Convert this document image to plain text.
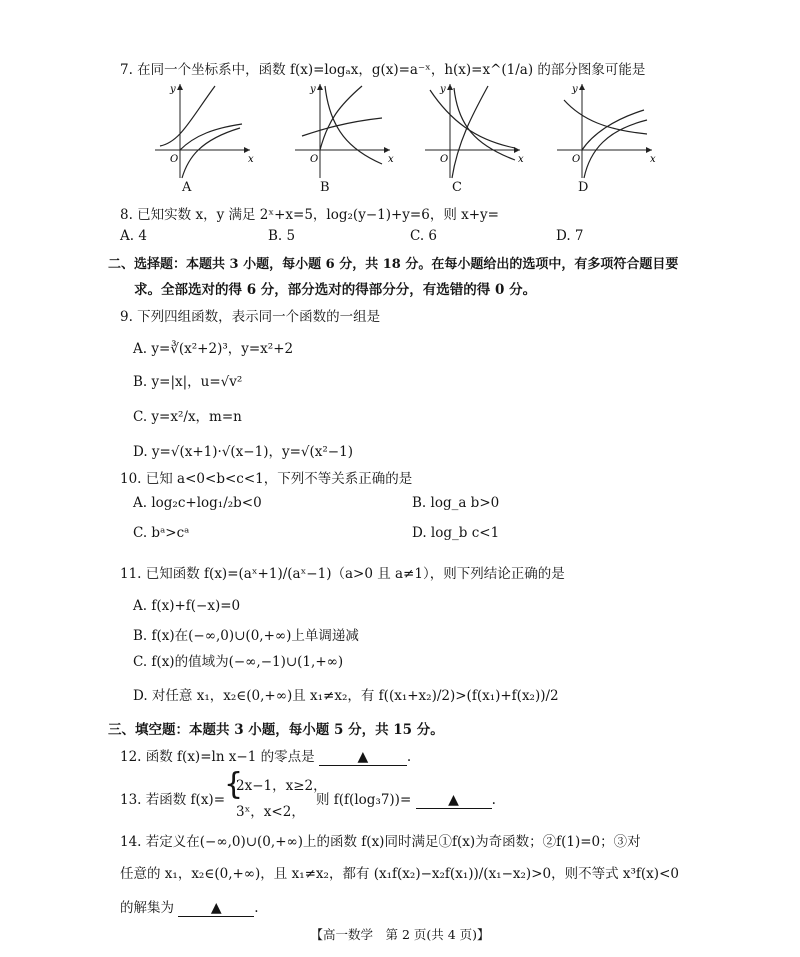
7. 在同一个坐标系中，函数 f(x)=logₐx，g(x)=a⁻ˣ，h(x)=x^(1/a) 的部分图象可能是
y
x
O
A
y
x
O
B
y
x
O
C
y
x
O
D
8. 已知实数 x，y 满足 2ˣ+x=5，log₂(y−1)+y=6，则 x+y=
A. 4	B. 5	C. 6	D. 7
二、选择题：本题共 3 小题，每小题 6 分，共 18 分。在每小题给出的选项中，有多项符合题目要
求。全部选对的得 6 分，部分选对的得部分分，有选错的得 0 分。
9. 下列四组函数，表示同一个函数的一组是
A. y=∛(x²+2)³，y=x²+2
B. y=|x|，u=√v²
C. y=x²/x，m=n
D. y=√(x+1)·√(x−1)，y=√(x²−1)
10. 已知 a<0<b<c<1，下列不等关系正确的是
A. log₂c+log₁/₂b<0	B. log_a b>0
C. bᵃ>cᵃ	D. log_b c<1
11. 已知函数 f(x)=(aˣ+1)/(aˣ−1)（a>0 且 a≠1），则下列结论正确的是
A. f(x)+f(−x)=0
B. f(x)在(−∞,0)∪(0,+∞)上单调递减
C. f(x)的值域为(−∞,−1)∪(1,+∞)
D. 对任意 x₁，x₂∈(0,+∞)且 x₁≠x₂，有 f((x₁+x₂)/2)>(f(x₁)+f(x₂))/2
三、填空题：本题共 3 小题，每小题 5 分，共 15 分。
12. 函数 f(x)=ln x−1 的零点是	▲	.
13. 若函数 f(x)=
{
2x−1，x≥2，
3ˣ，x<2，
则 f(f(log₃7))=	▲ .
14. 若定义在(−∞,0)∪(0,+∞)上的函数 f(x)同时满足①f(x)为奇函数；②f(1)=0；③对
任意的 x₁，x₂∈(0,+∞)，且 x₁≠x₂，都有 (x₁f(x₂)−x₂f(x₁))/(x₁−x₂)>0，则不等式 x³f(x)<0
的解集为	▲ .
【高一数学　第 2 页(共 4 页)】
